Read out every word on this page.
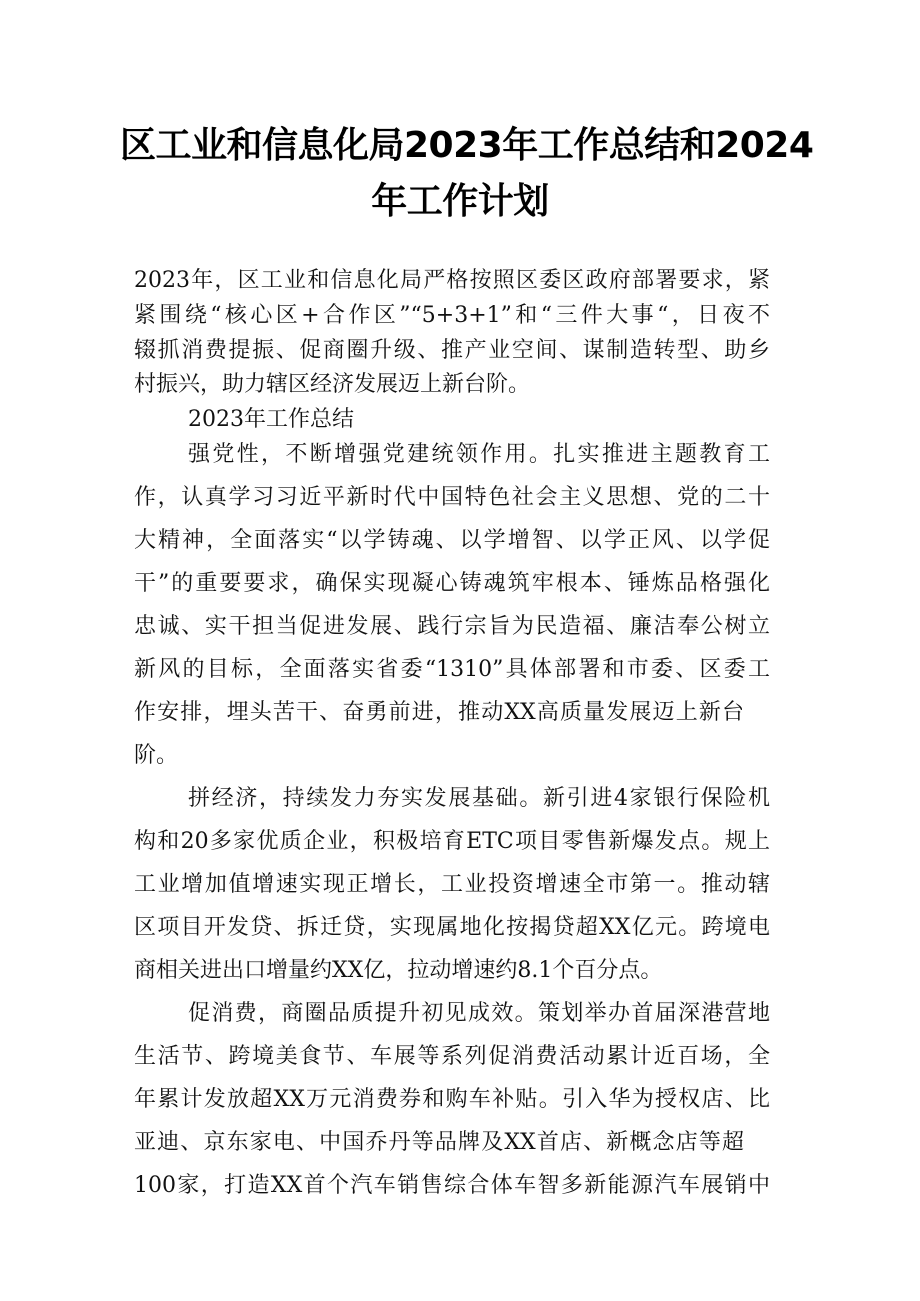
区工业和信息化局2023年工作总结和2024
年工作计划

2023年，区工业和信息化局严格按照区委区政府部署要求，紧

紧围绕“核心区+合作区”“5+3+1”和“三件大事“，日夜不

辍抓消费提振、促商圈升级、推产业空间、谋制造转型、助乡

村振兴，助力辖区经济发展迈上新台阶。

2023年工作总结

强党性，不断增强党建统领作用。扎实推进主题教育工

作，认真学习习近平新时代中国特色社会主义思想、党的二十

大精神，全面落实“以学铸魂、以学增智、以学正风、以学促

干”的重要要求，确保实现凝心铸魂筑牢根本、锤炼品格强化

忠诚、实干担当促进发展、践行宗旨为民造福、廉洁奉公树立

新风的目标，全面落实省委“1310”具体部署和市委、区委工

作安排，埋头苦干、奋勇前进，推动XX高质量发展迈上新台

阶。

拼经济，持续发力夯实发展基础。新引进4家银行保险机

构和20多家优质企业，积极培育ETC项目零售新爆发点。规上

工业增加值增速实现正增长，工业投资增速全市第一。推动辖

区项目开发贷、拆迁贷，实现属地化按揭贷超XX亿元。跨境电

商相关进出口增量约XX亿，拉动增速约8.1个百分点。

促消费，商圈品质提升初见成效。策划举办首届深港营地

生活节、跨境美食节、车展等系列促消费活动累计近百场，全

年累计发放超XX万元消费券和购车补贴。引入华为授权店、比

亚迪、京东家电、中国乔丹等品牌及XX首店、新概念店等超

100家，打造XX首个汽车销售综合体车智多新能源汽车展销中
